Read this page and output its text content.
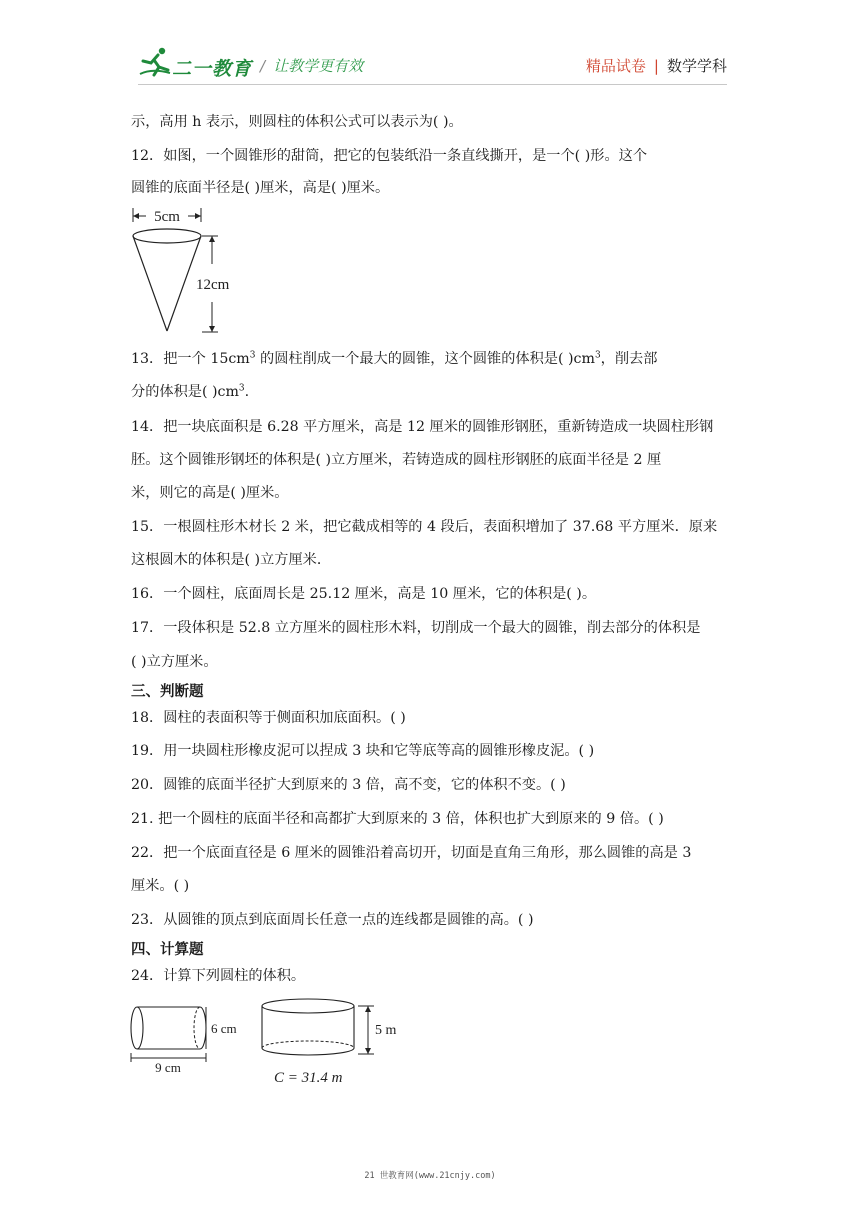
二一教育 / 让教学更有效	精品试卷 | 数学学科
示，高用 h 表示，则圆柱的体积公式可以表示为( )。
12．如图，一个圆锥形的甜筒，把它的包装纸沿一条直线撕开，是一个( )形。这个
圆锥的底面半径是( )厘米，高是( )厘米。
13．把一个 $15cm^3$ 的圆柱削成一个最大的圆锥，这个圆锥的体积是( )$cm^3$，削去部
分的体积是( )$cm^3$.
14．把一块底面积是 6.28 平方厘米，高是 12 厘米的圆锥形钢胚，重新铸造成一块圆柱形钢
胚。这个圆锥形钢坯的体积是( )立方厘米，若铸造成的圆柱形钢胚的底面半径是 2 厘
米，则它的高是( )厘米。
15．一根圆柱形木材长 2 米，把它截成相等的 4 段后，表面积增加了 37.68 平方厘米．原来
这根圆木的体积是( )立方厘米．
16．一个圆柱，底面周长是 25.12 厘米，高是 10 厘米，它的体积是( )。
17．一段体积是 52.8 立方厘米的圆柱形木料，切削成一个最大的圆锥，削去部分的体积是
( )立方厘米。
三、判断题
18．圆柱的表面积等于侧面积加底面积。( )
19．用一块圆柱形橡皮泥可以捏成 3 块和它等底等高的圆锥形橡皮泥。( )
20．圆锥的底面半径扩大到原来的 3 倍，高不变，它的体积不变。( )
21. 把一个圆柱的底面半径和高都扩大到原来的 3 倍，体积也扩大到原来的 9 倍。( )
22．把一个底面直径是 6 厘米的圆锥沿着高切开，切面是直角三角形，那么圆锥的高是 3
厘米。( )
23．从圆锥的顶点到底面周长任意一点的连线都是圆锥的高。( )
四、计算题
24．计算下列圆柱的体积。
5cm
12cm
6 cm
9 cm
5 m
C = 31.4 m
21 世教育网(www.21cnjy.com)
